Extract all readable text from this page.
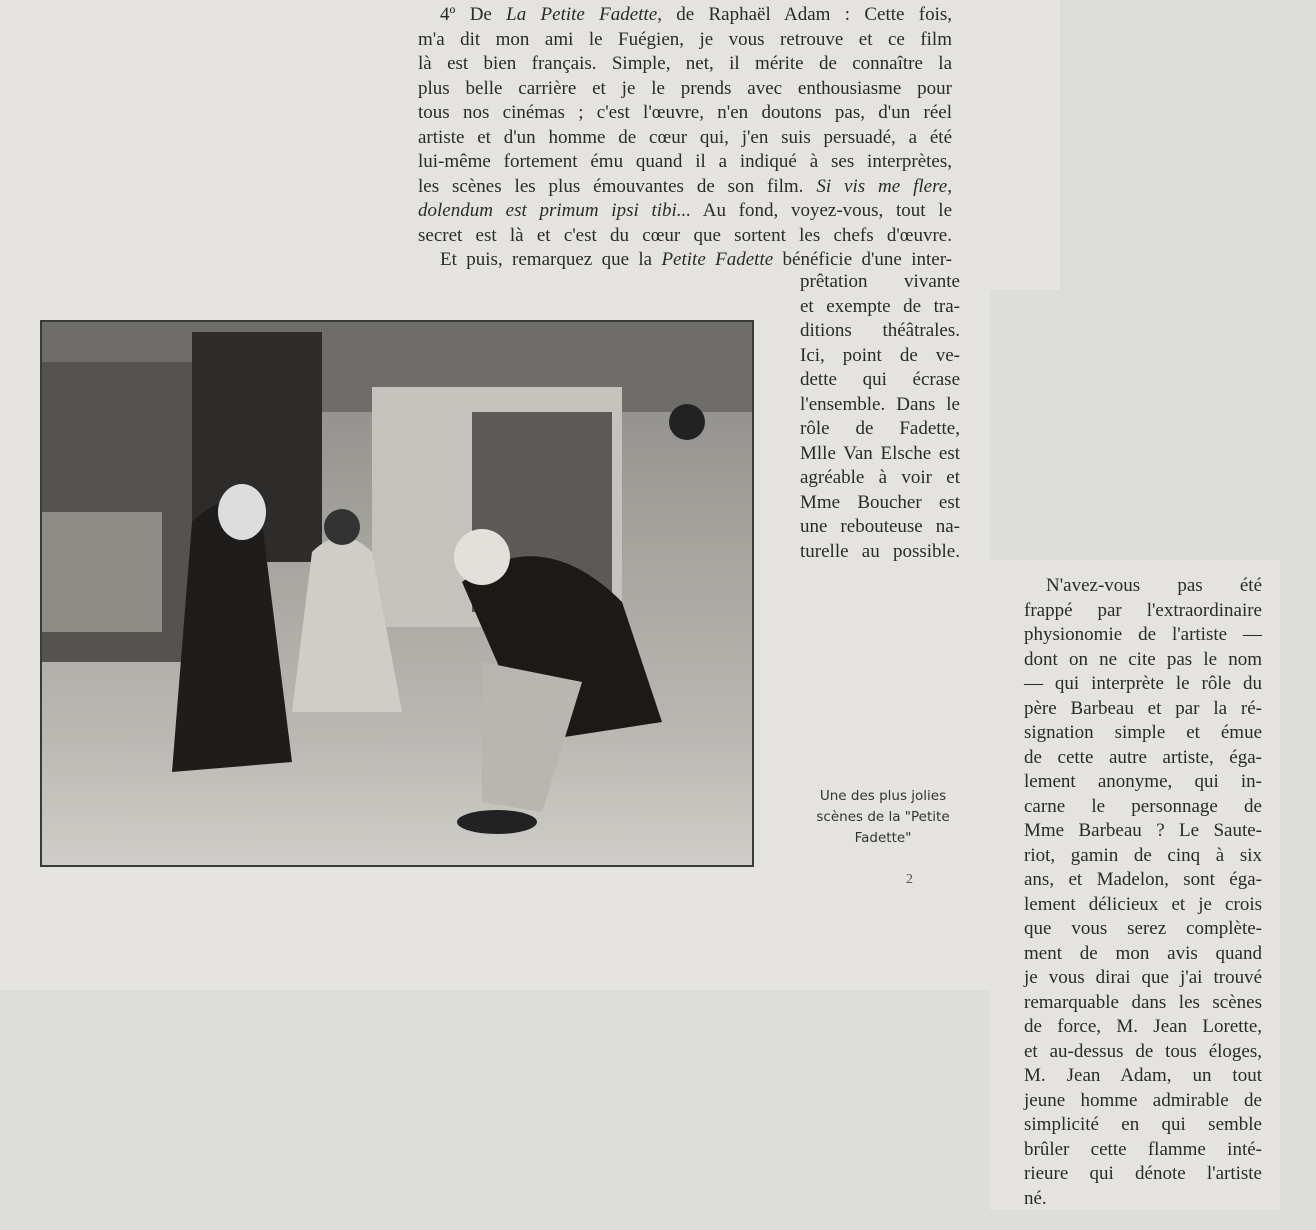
4º De La Petite Fadette, de Raphaël Adam : Cette fois,
m'a dit mon ami le Fuégien, je vous retrouve et ce film
là est bien français. Simple, net, il mérite de connaître la
plus belle carrière et je le prends avec enthousiasme pour
tous nos cinémas ; c'est l'œuvre, n'en doutons pas, d'un réel
artiste et d'un homme de cœur qui, j'en suis persuadé, a été
lui-même fortement ému quand il a indiqué à ses interprètes,
les scènes les plus émouvantes de son film. Si vis me flere,
dolendum est primum ipsi tibi... Au fond, voyez-vous, tout le
secret est là et c'est du cœur que sortent les chefs d'œuvre.
Et puis, remarquez que la Petite Fadette bénéficie d'une inter-
prêtation vivante
et exempte de tra-
ditions théâtrales.
Ici, point de ve-
dette qui écrase
l'ensemble. Dans le
rôle de Fadette,
Mlle Van Elsche est
agréable à voir et
Mme Boucher est
une rebouteuse na-
turelle au possible.
Une des plus jolies scènes de la "Petite Fadette"
2
N'avez-vous pas été
frappé par l'extraordinaire
physionomie de l'artiste —
dont on ne cite pas le nom
— qui interprète le rôle du
père Barbeau et par la ré-
signation simple et émue
de cette autre artiste, éga-
lement anonyme, qui in-
carne le personnage de
Mme Barbeau ? Le Saute-
riot, gamin de cinq à six
ans, et Madelon, sont éga-
lement délicieux et je crois
que vous serez complète-
ment de mon avis quand
je vous dirai que j'ai trouvé
remarquable dans les scènes
de force, M. Jean Lorette,
et au-dessus de tous éloges,
M. Jean Adam, un tout
jeune homme admirable de
simplicité en qui semble
brûler cette flamme inté-
rieure qui dénote l'artiste
né.
